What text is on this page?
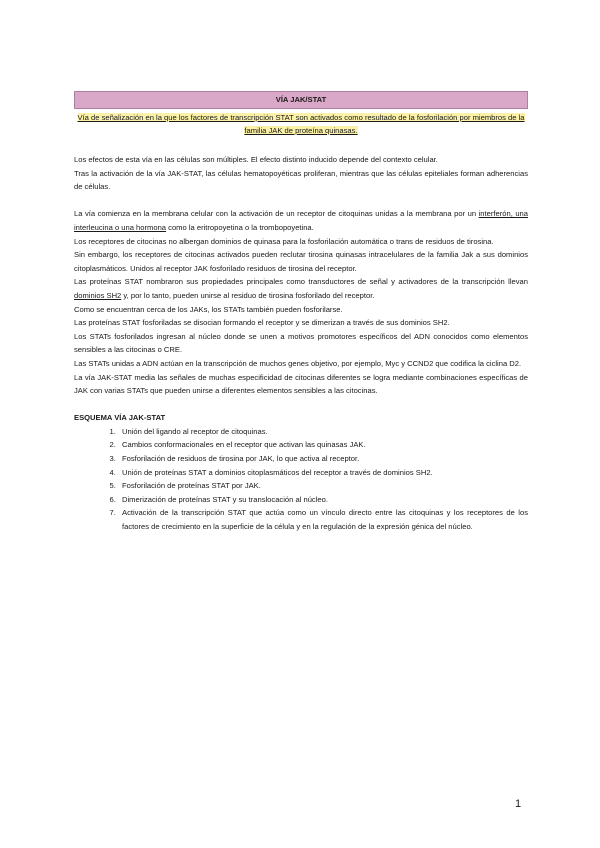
VÍA JAK/STAT
Vía de señalización en la que los factores de transcripción STAT son activados como resultado de la fosforilación por miembros de la familia JAK de proteína quinasas.

Los efectos de esta vía en las células son múltiples. El efecto distinto inducido depende del contexto celular.

Tras la activación de la vía JAK-STAT, las células hematopoyéticas proliferan, mientras que las células epiteliales forman adherencias de células.

La vía comienza en la membrana celular con la activación de un receptor de citoquinas unidas a la membrana por un interferón, una interleucina o una hormona como la eritropoyetina o la trombopoyetina.

Los receptores de citocinas no albergan dominios de quinasa para la fosforilación automática o trans de residuos de tirosina.

Sin embargo, los receptores de citocinas activados pueden reclutar tirosina quinasas intracelulares de la familia Jak a sus dominios citoplasmáticos. Unidos al receptor JAK fosforilado residuos de tirosina del receptor.

Las proteínas STAT nombraron sus propiedades principales como transductores de señal y activadores de la transcripción llevan dominios SH2 y, por lo tanto, pueden unirse al residuo de tirosina fosforilado del receptor.

Como se encuentran cerca de los JAKs, los STATs también pueden fosforilarse.

Las proteínas STAT fosforiladas se disocian formando el receptor y se dimerizan a través de sus dominios SH2.

Los STATs fosforilados ingresan al núcleo donde se unen a motivos promotores específicos del ADN conocidos como elementos sensibles a las citocinas o CRE.

Las STATs unidas a ADN actúan en la transcripción de muchos genes objetivo, por ejemplo, Myc y CCND2 que codifica la ciclina D2.

La vía JAK-STAT media las señales de muchas especificidad de citocinas diferentes se logra mediante combinaciones específicas de JAK con varias STATs que pueden unirse a diferentes elementos sensibles a las citocinas.

ESQUEMA VÍA JAK-STAT

1. Unión del ligando al receptor de citoquinas.
2. Cambios conformacionales en el receptor que activan las quinasas JAK.
3. Fosforilación de residuos de tirosina por JAK, lo que activa al receptor.
4. Unión de proteínas STAT a dominios citoplasmáticos del receptor a través de dominios SH2.
5. Fosforilación de proteínas STAT por JAK.
6. Dimerización de proteínas STAT y su translocación al núcleo.
7. Activación de la transcripción STAT que actúa como un vínculo directo entre las citoquinas y los receptores de los factores de crecimiento en la superficie de la célula y en la regulación de la expresión génica del núcleo.
1
